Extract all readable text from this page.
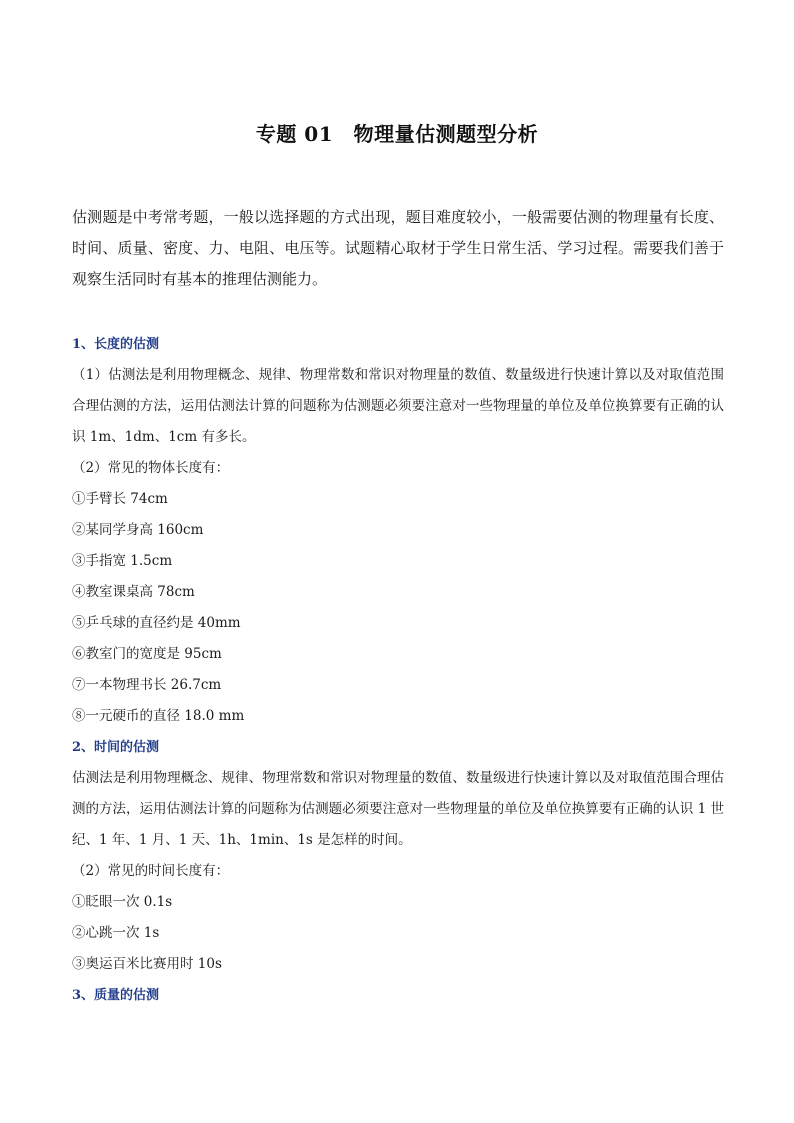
专题 01　物理量估测题型分析
估测题是中考常考题，一般以选择题的方式出现，题目难度较小，一般需要估测的物理量有长度、时间、质量、密度、力、电阻、电压等。试题精心取材于学生日常生活、学习过程。需要我们善于观察生活同时有基本的推理估测能力。
1、长度的估测
（1）估测法是利用物理概念、规律、物理常数和常识对物理量的数值、数量级进行快速计算以及对取值范围合理估测的方法，运用估测法计算的问题称为估测题必须要注意对一些物理量的单位及单位换算要有正确的认识 1m、1dm、1cm 有多长。
（2）常见的物体长度有：
①手臂长 74cm
②某同学身高 160cm
③手指宽 1.5cm
④教室课桌高 78cm
⑤乒乓球的直径约是 40mm
⑥教室门的宽度是 95cm
⑦一本物理书长 26.7cm
⑧一元硬币的直径 18.0 mm
2、时间的估测
估测法是利用物理概念、规律、物理常数和常识对物理量的数值、数量级进行快速计算以及对取值范围合理估测的方法，运用估测法计算的问题称为估测题必须要注意对一些物理量的单位及单位换算要有正确的认识 1 世纪、1 年、1 月、1 天、1h、1min、1s 是怎样的时间。
（2）常见的时间长度有：
①眨眼一次 0.1s
②心跳一次 1s
③奥运百米比赛用时 10s
3、质量的估测
